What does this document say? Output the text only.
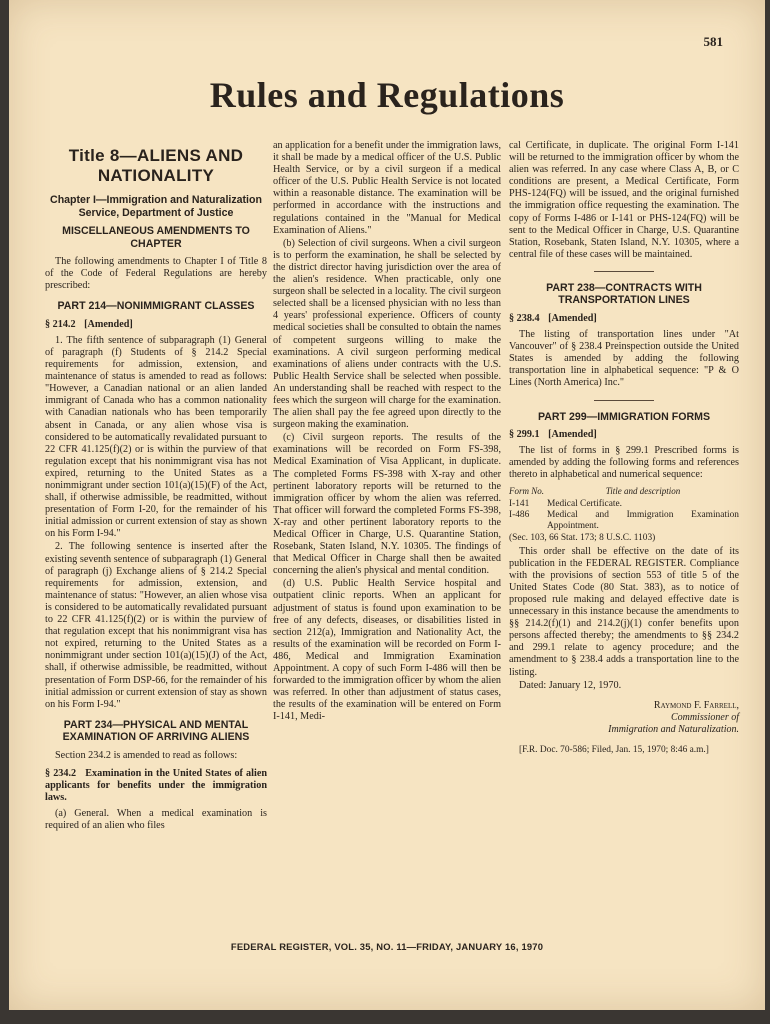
581
Rules and Regulations
Title 8—ALIENS AND NATIONALITY
Chapter I—Immigration and Naturalization Service, Department of Justice
MISCELLANEOUS AMENDMENTS TO CHAPTER

The following amendments to Chapter I of Title 8 of the Code of Federal Regulations are hereby prescribed:

PART 214—NONIMMIGRANT CLASSES
§ 214.2 [Amended]

1. The fifth sentence of subparagraph (1) General of paragraph (f) Students of § 214.2 Special requirements for admission, extension, and maintenance of status is amended to read as follows: "However, a Canadian national or an alien landed immigrant of Canada who has a common nationality with Canadian nationals who has been temporarily absent in Canada, or any alien whose visa is considered to be automatically revalidated pursuant to 22 CFR 41.125(f)(2) or is within the purview of that regulation except that his nonimmigrant visa has not expired, returning to the United States as a nonimmigrant under section 101(a)(15)(F) of the Act, shall, if otherwise admissible, be readmitted, without presentation of Form I-20, for the remainder of his initial admission or current extension of stay as shown on his Form I-94."

2. The following sentence is inserted after the existing seventh sentence of subparagraph (1) General of paragraph (j) Exchange aliens of § 214.2 Special requirements for admission, extension, and maintenance of status: "However, an alien whose visa is considered to be automatically revalidated pursuant to 22 CFR 41.125(f)(2) or is within the purview of that regulation except that his nonimmigrant visa has not expired, returning to the United States as a nonimmigrant under section 101(a)(15)(J) of the Act, shall, if otherwise admissible, be readmitted, without presentation of Form DSP-66, for the remainder of his initial admission or current extension of stay as shown on his Form I-94."

PART 234—PHYSICAL AND MENTAL EXAMINATION OF ARRIVING ALIENS

Section 234.2 is amended to read as follows:

§ 234.2 Examination in the United States of alien applicants for benefits under the immigration laws.

(a) General. When a medical examination is required of an alien who files

an application for a benefit under the immigration laws, it shall be made by a medical officer of the U.S. Public Health Service, or by a civil surgeon if a medical officer of the U.S. Public Health Service is not located within a reasonable distance. The examination will be performed in accordance with the instructions and regulations contained in the "Manual for Medical Examination of Aliens."

(b) Selection of civil surgeons. When a civil surgeon is to perform the examination, he shall be selected by the district director having jurisdiction over the area of the alien's residence. When practicable, only one surgeon shall be selected in a locality. The civil surgeon selected shall be a licensed physician with no less than 4 years' professional experience. Officers of county medical societies shall be consulted to obtain the names of competent surgeons willing to make the examinations. A civil surgeon performing medical examinations of aliens under contracts with the U.S. Public Health Service shall be selected when possible. An understanding shall be reached with respect to the fees which the surgeon will charge for the examination. The alien shall pay the fee agreed upon directly to the surgeon making the examination.

(c) Civil surgeon reports. The results of the examinations will be recorded on Form FS-398, Medical Examination of Visa Applicant, in duplicate. The completed Forms FS-398 with X-ray and other pertinent laboratory reports will be returned to the immigration officer by whom the alien was referred. That officer will forward the completed Forms FS-398, X-ray and other pertinent laboratory reports to the Medical Officer in Charge, U.S. Quarantine Station, Rosebank, Staten Island, N.Y. 10305. The findings of that Medical Officer in Charge shall then be awaited concerning the alien's physical and mental condition.

(d) U.S. Public Health Service hospital and outpatient clinic reports. When an applicant for adjustment of status is found upon examination to be free of any defects, diseases, or disabilities listed in section 212(a), Immigration and Nationality Act, the results of the examination will be recorded on Form I-486, Medical and Immigration Examination Appointment. A copy of such Form I-486 will then be forwarded to the immigration officer by whom the alien was referred. In other than adjustment of status cases, the results of the examination will be entered on Form I-141, Medi-

cal Certificate, in duplicate. The original Form I-141 will be returned to the immigration officer by whom the alien was referred. In any case where Class A, B, or C conditions are present, a Medical Certificate, Form PHS-124(FQ) will be issued, and the original furnished the immigration office requesting the examination. The copy of Forms I-486 or I-141 or PHS-124(FQ) will be sent to the Medical Officer in Charge, U.S. Quarantine Station, Rosebank, Staten Island, N.Y. 10305, where a central file of these cases will be maintained.

PART 238—CONTRACTS WITH TRANSPORTATION LINES
§ 238.4 [Amended]

The listing of transportation lines under "At Vancouver" of § 238.4 Preinspection outside the United States is amended by adding the following transportation line in alphabetical sequence: "P & O Lines (North America) Inc."

PART 299—IMMIGRATION FORMS
§ 299.1 [Amended]

The list of forms in § 299.1 Prescribed forms is amended by adding the following forms and references thereto in alphabetical and numerical sequence:

Form No.	Title and description
I-141	Medical Certificate.
I-486	Medical and Immigration Examination Appointment.

(Sec. 103, 66 Stat. 173; 8 U.S.C. 1103)

This order shall be effective on the date of its publication in the FEDERAL REGISTER. Compliance with the provisions of section 553 of title 5 of the United States Code (80 Stat. 383), as to notice of proposed rule making and delayed effective date is unnecessary in this instance because the amendments to §§ 214.2(f)(1) and 214.2(j)(1) confer benefits upon persons affected thereby; the amendments to §§ 234.2 and 299.1 relate to agency procedure; and the amendment to § 238.4 adds a transportation line to the listing.

Dated: January 12, 1970.

Raymond F. Farrell,
Commissioner of
Immigration and Naturalization.

[F.R. Doc. 70-586; Filed, Jan. 15, 1970; 8:46 a.m.]

FEDERAL REGISTER, VOL. 35, NO. 11—FRIDAY, JANUARY 16, 1970
